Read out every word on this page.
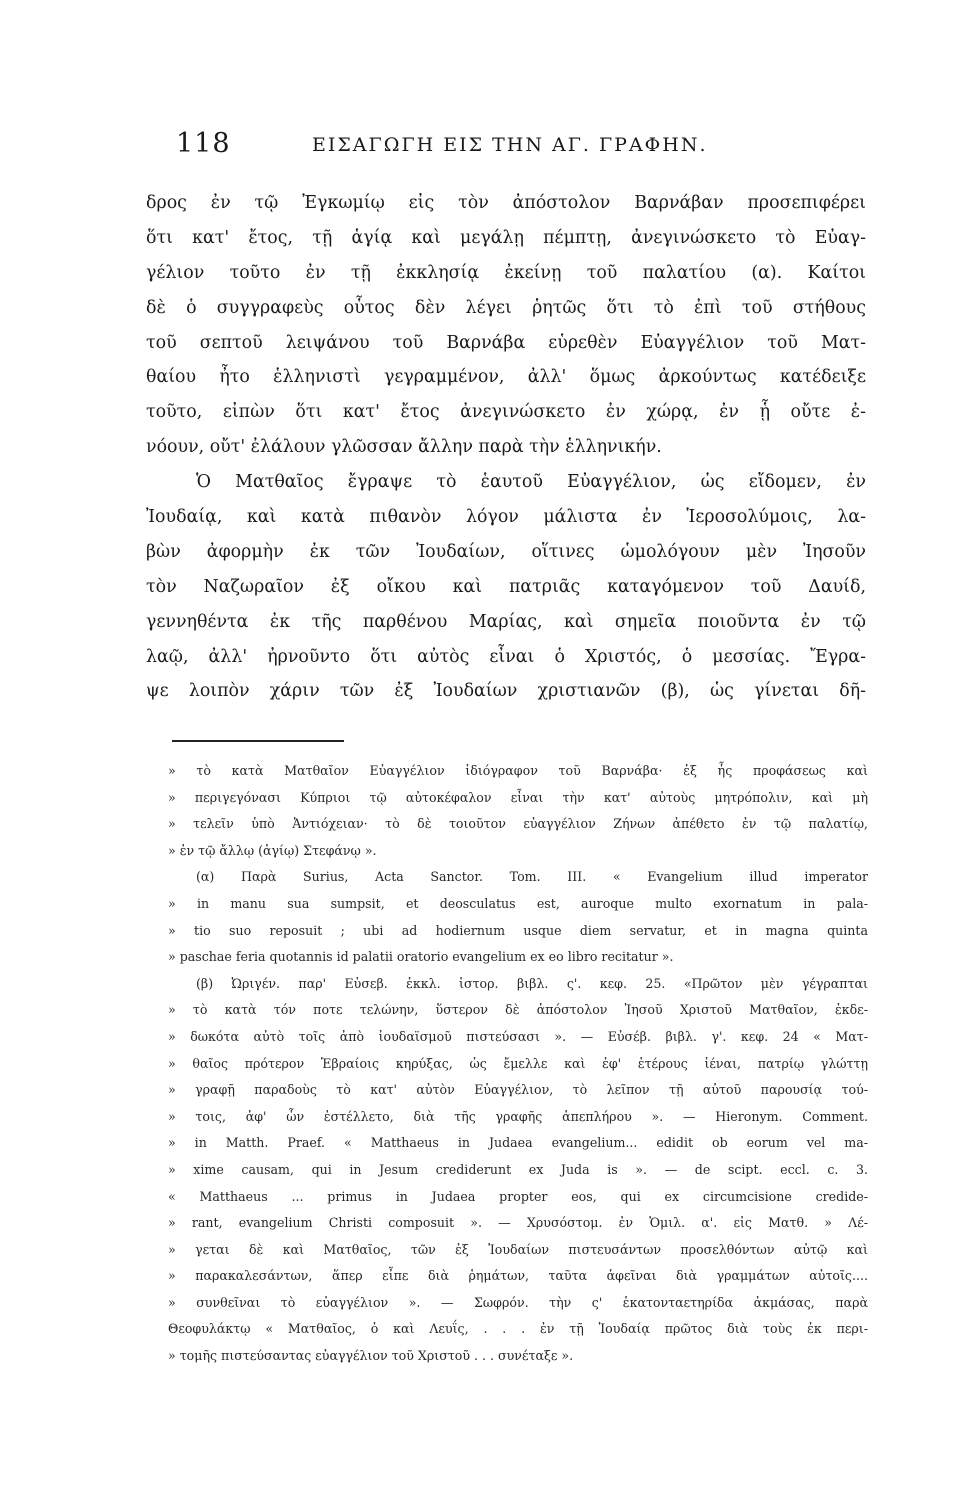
118	ΕΙΣΑΓΩΓΗ ΕΙΣ ΤΗΝ ΑΓ. ΓΡΑΦΗΝ.
δρος ἐν τῷ Ἐγκωμίῳ εἰς τὸν ἀπόστολον Βαρνάβαν προσεπιφέρει
ὅτι κατ' ἔτος, τῇ ἁγίᾳ καὶ μεγάλῃ πέμπτῃ, ἀνεγινώσκετο τὸ Εὐαγ-
γέλιον τοῦτο ἐν τῇ ἐκκλησίᾳ ἐκείνῃ τοῦ παλατίου (α). Καίτοι
δὲ ὁ συγγραφεὺς οὗτος δὲν λέγει ῥητῶς ὅτι τὸ ἐπὶ τοῦ στήθους
τοῦ σεπτοῦ λειψάνου τοῦ Βαρνάβα εὑρεθὲν Εὐαγγέλιον τοῦ Ματ-
θαίου ἦτο ἑλληνιστὶ γεγραμμένον, ἀλλ' ὅμως ἀρκούντως κατέδειξε
τοῦτο, εἰπὼν ὅτι κατ' ἔτος ἀνεγινώσκετο ἐν χώρᾳ, ἐν ᾗ οὔτε ἐ-
νόουν, οὔτ' ἐλάλουν γλῶσσαν ἄλλην παρὰ τὴν ἑλληνικήν.
Ὁ Ματθαῖος ἔγραψε τὸ ἑαυτοῦ Εὐαγγέλιον, ὡς εἴδομεν, ἐν
Ἰουδαίᾳ, καὶ κατὰ πιθανὸν λόγον μάλιστα ἐν Ἱεροσολύμοις, λα-
βὼν ἀφορμὴν ἐκ τῶν Ἰουδαίων, οἵτινες ὡμολόγουν μὲν Ἰησοῦν
τὸν Ναζωραῖον ἐξ οἴκου καὶ πατριᾶς καταγόμενον τοῦ Δαυίδ,
γεννηθέντα ἐκ τῆς παρθένου Μαρίας, καὶ σημεῖα ποιοῦντα ἐν τῷ
λαῷ, ἀλλ' ἠρνοῦντο ὅτι αὐτὸς εἶναι ὁ Χριστός, ὁ μεσσίας. Ἔγρα-
ψε λοιπὸν χάριν τῶν ἐξ Ἰουδαίων χριστιανῶν (β), ὡς γίνεται δῆ-
» τὸ κατὰ Ματθαῖον Εὐαγγέλιον ἰδιόγραφον τοῦ Βαρνάβα· ἐξ ἧς προφάσεως καὶ
» περιγεγόνασι Κύπριοι τῷ αὐτοκέφαλον εἶναι τὴν κατ' αὐτοὺς μητρόπολιν, καὶ μὴ
» τελεῖν ὑπὸ Ἀντιόχειαν· τὸ δὲ τοιοῦτον εὐαγγέλιον Ζήνων ἀπέθετο ἐν τῷ παλατίῳ,
» ἐν τῷ ἄλλῳ (ἁγίῳ) Στεφάνῳ ».
(α) Παρὰ Surius, Acta Sanctor. Tom. III. « Evangelium illud imperator
» in manu sua sumpsit, et deosculatus est, auroque multo exornatum in pala-
» tio suo reposuit ; ubi ad hodiernum usque diem servatur, et in magna quinta
» paschae feria quotannis id palatii oratorio evangelium ex eo libro recitatur ».
(β) Ὠριγέν. παρ' Εὐσεβ. ἐκκλ. ἱστορ. βιβλ. ς'. κεφ. 25. «Πρῶτον μὲν γέγραπται
» τὸ κατὰ τόν ποτε τελώνην, ὕστερον δὲ ἀπόστολον Ἰησοῦ Χριστοῦ Ματθαῖον, ἐκδε-
» δωκότα αὐτὸ τοῖς ἀπὸ ἰουδαϊσμοῦ πιστεύσασι ». — Εὐσέβ. βιβλ. γ'. κεφ. 24 « Ματ-
» θαῖος πρότερον Ἑβραίοις κηρύξας, ὡς ἔμελλε καὶ ἐφ' ἑτέρους ἰέναι, πατρίῳ γλώττῃ
» γραφῇ παραδοὺς τὸ κατ' αὐτὸν Εὐαγγέλιον, τὸ λεῖπον τῇ αὐτοῦ παρουσίᾳ τού-
» τοις, ἀφ' ὧν ἐστέλλετο, διὰ τῆς γραφῆς ἀπεπλήρου ». — Hieronym. Comment.
» in Matth. Praef. « Matthaeus in Judaea evangelium... edidit ob eorum vel ma-
» xime causam, qui in Jesum crediderunt ex Juda is ». — de scipt. eccl. c. 3.
« Matthaeus ... primus in Judaea propter eos, qui ex circumcisione credide-
» rant, evangelium Christi composuit ». — Χρυσόστομ. ἐν Ὁμιλ. α'. εἰς Ματθ. » Λέ-
» γεται δὲ καὶ Ματθαῖος, τῶν ἐξ Ἰουδαίων πιστευσάντων προσελθόντων αὐτῷ καὶ
» παρακαλεσάντων, ἅπερ εἶπε διὰ ῥημάτων, ταῦτα ἀφεῖναι διὰ γραμμάτων αὐτοῖς....
» συνθεῖναι τὸ εὐαγγέλιον ». — Σωφρόν. τὴν ς' ἑκατονταετηρίδα ἀκμάσας, παρὰ
Θεοφυλάκτῳ « Ματθαῖος, ὁ καὶ Λευΐς, . . . ἐν τῇ Ἰουδαίᾳ πρῶτος διὰ τοὺς ἐκ περι-
» τομῆς πιστεύσαντας εὐαγγέλιον τοῦ Χριστοῦ . . . συνέταξε ».
